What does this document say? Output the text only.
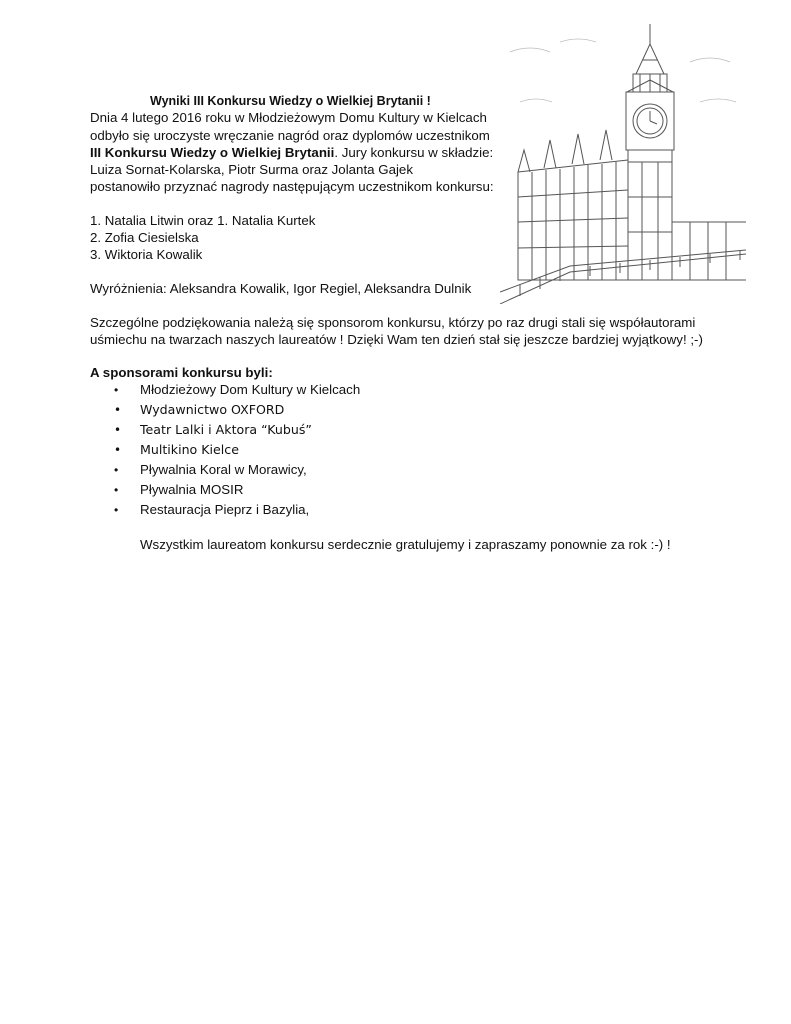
Wyniki III Konkursu Wiedzy o Wielkiej Brytanii !
Dnia 4 lutego 2016 roku w Młodzieżowym Domu Kultury w Kielcach
odbyło się uroczyste wręczanie nagród oraz dyplomów uczestnikom
III Konkursu Wiedzy o Wielkiej Brytanii. Jury konkursu w składzie:
Luiza Sornat-Kolarska, Piotr Surma oraz Jolanta Gajek
postanowiło przyznać nagrody następującym uczestnikom konkursu:
1. Natalia Litwin oraz 1. Natalia Kurtek
2. Zofia Ciesielska
3. Wiktoria Kowalik
Wyróżnienia: Aleksandra Kowalik, Igor Regiel, Aleksandra Dulnik
Szczególne podziękowania należą się sponsorom konkursu, którzy po raz drugi stali się współautorami
uśmiechu na twarzach naszych laureatów ! Dzięki Wam ten dzień stał się jeszcze bardziej wyjątkowy! ;-)
A sponsorami konkursu byli:
• Młodzieżowy Dom Kultury w Kielcach
• Wydawnictwo OXFORD
• Teatr Lalki i Aktora “Kubuś”
• Multikino Kielce
• Pływalnia Koral w Morawicy,
• Pływalnia MOSIR
• Restauracja Pieprz i Bazylia,
Wszystkim laureatom konkursu serdecznie gratulujemy i zapraszamy ponownie za rok :-) !
